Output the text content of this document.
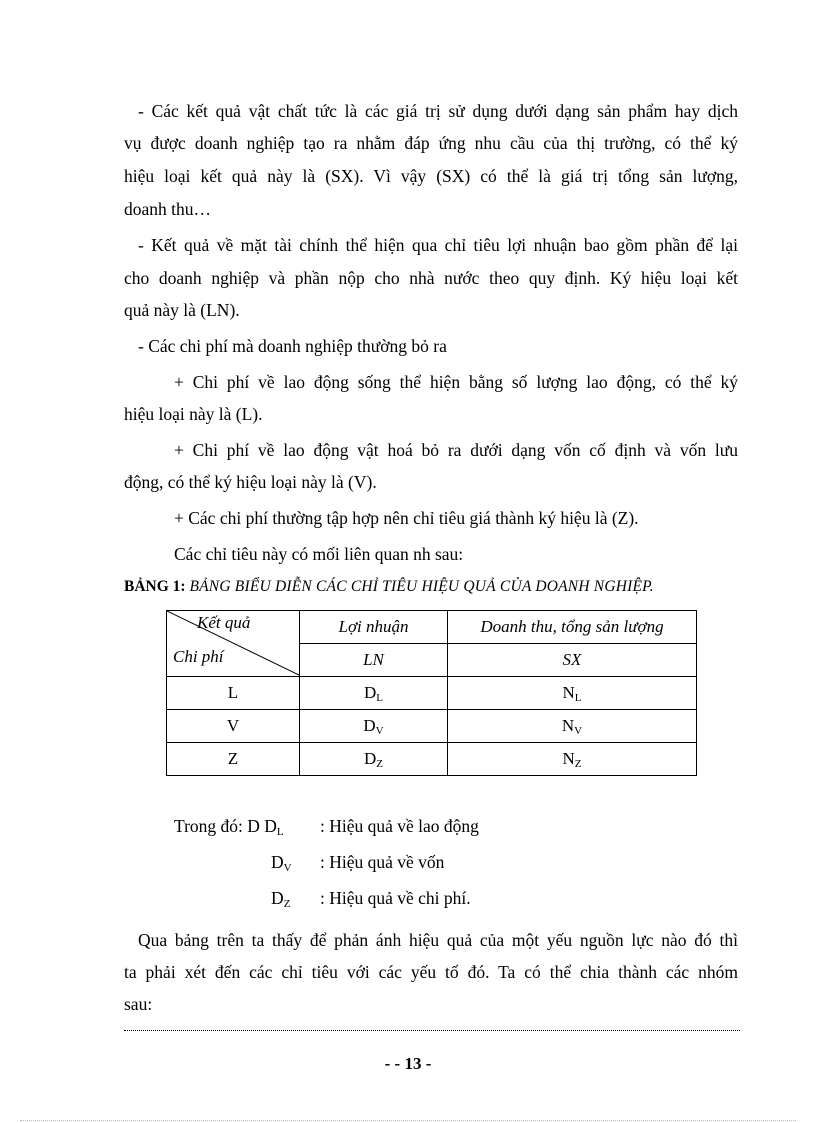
- Các kết quả vật chất tức là các giá trị sử dụng dưới dạng sản phẩm hay dịch
vụ được doanh nghiệp tạo ra nhằm đáp ứng nhu cầu của thị trường, có thể ký
hiệu loại kết quả này là (SX). Vì vậy (SX) có thể là giá trị tổng sản lượng,
doanh thu…
- Kết quả về mặt tài chính thể hiện qua chỉ tiêu lợi nhuận bao gồm phần để lại
cho doanh nghiệp và phần nộp cho nhà nước theo quy định. Ký hiệu loại kết
quả này là (LN).
- Các chi phí mà doanh nghiệp thường bỏ ra
+ Chi phí về lao động sống thể hiện bằng số lượng lao động, có thể ký
hiệu loại này là (L).
+ Chi phí về lao động vật hoá bỏ ra dưới dạng vốn cố định và vốn lưu
động, có thể ký hiệu loại này là (V).
+ Các chi phí thường tập hợp nên chỉ tiêu giá thành ký hiệu là (Z).
Các chỉ tiêu này có mối liên quan nh sau:
BẢNG 1: BẢNG BIỂU DIỄN CÁC CHỈ TIÊU HIỆU QUẢ CỦA DOANH NGHIỆP.
Kết quả
Chi phí	Lợi nhuận	Doanh thu, tổng sản lượng
	LN	SX
L	$D_L$	$N_L$
V	$D_V$	$N_V$
Z	$D_Z$	$N_Z$
Trong đó: D $D_L$ : Hiệu quả về lao động
$D_V$ : Hiệu quả về vốn
$D_Z$ : Hiệu quả về chi phí.
Qua bảng trên ta thấy để phản ánh hiệu quả của một yếu nguồn lực nào đó thì
ta phải xét đến các chỉ tiêu với các yếu tố đó. Ta có thể chia thành các nhóm
sau:
- - 13 -
